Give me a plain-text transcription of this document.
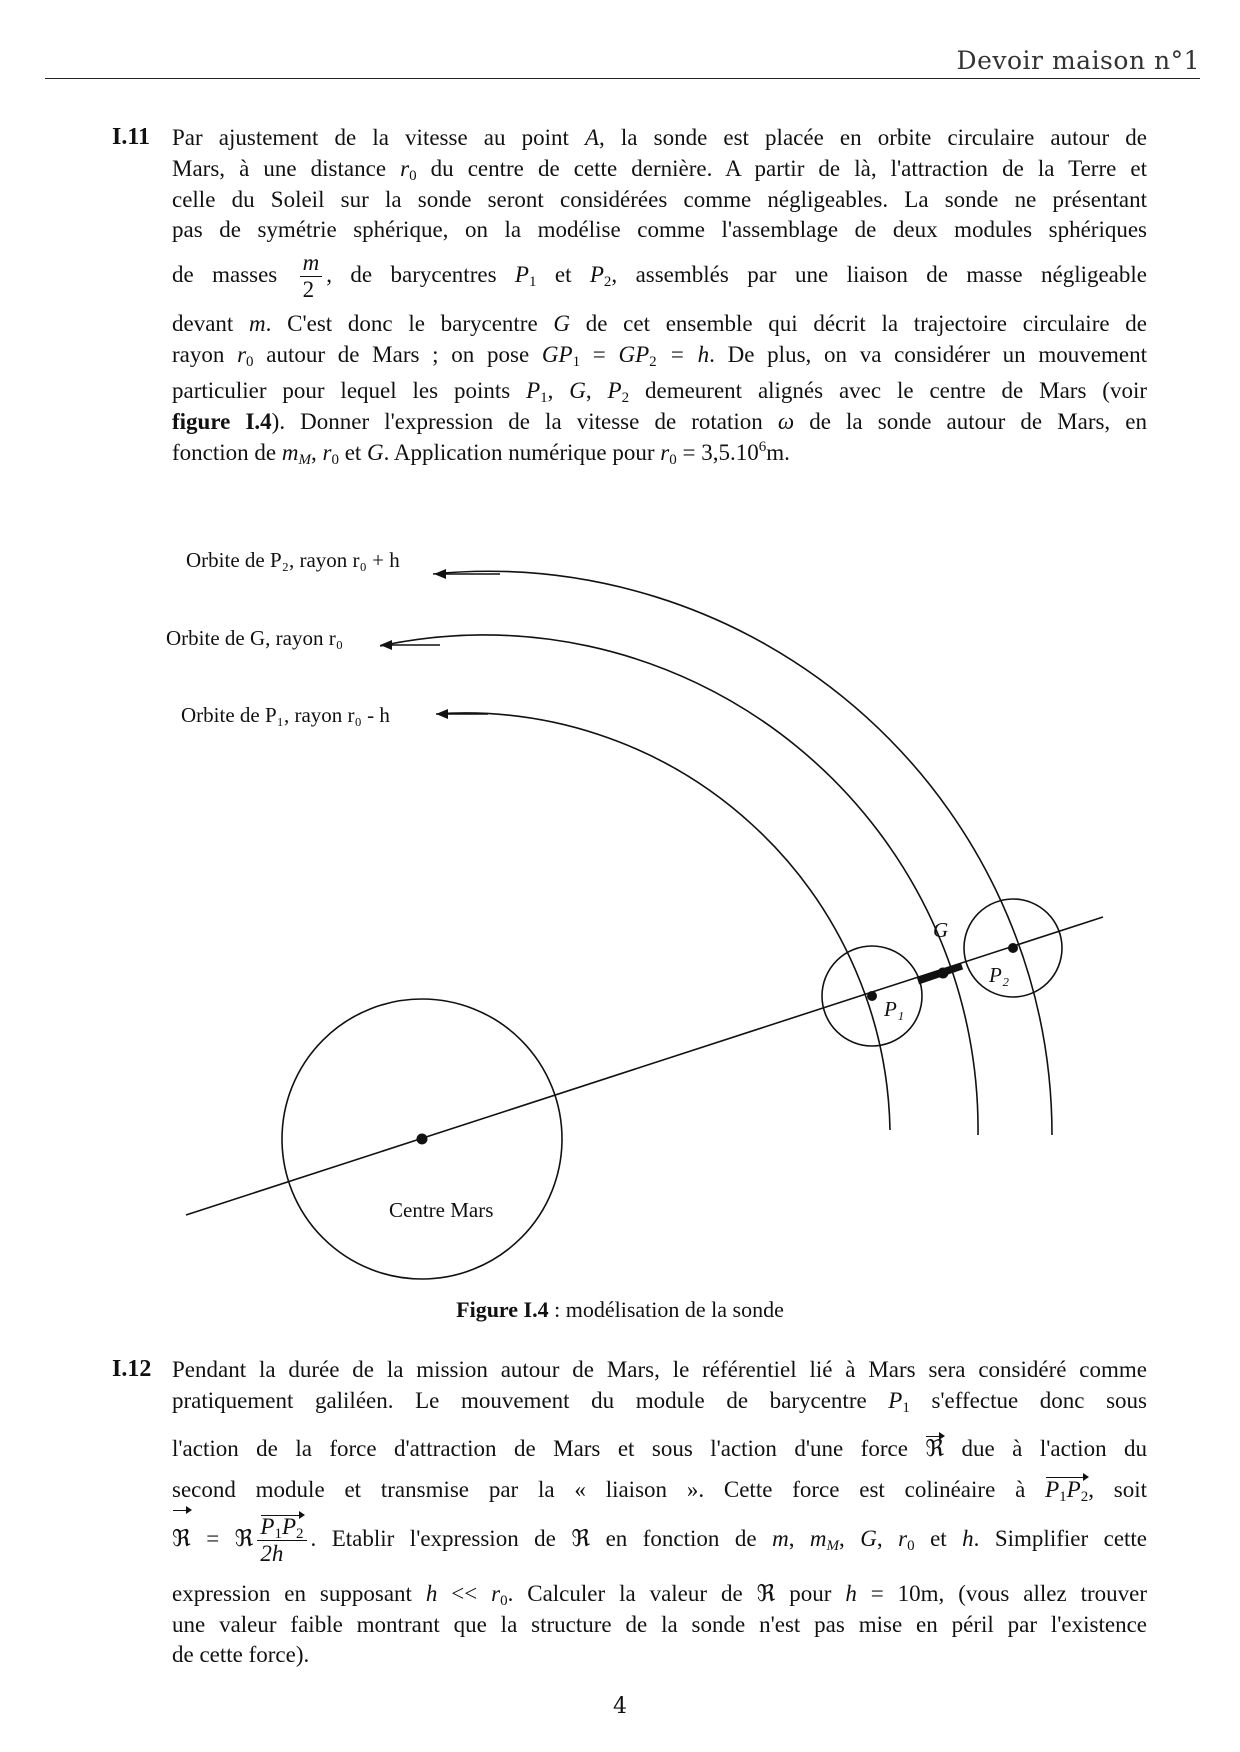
Devoir maison n°1
I.11 Par ajustement de la vitesse au point A, la sonde est placée en orbite circulaire autour de
Mars, à une distance $r_0$ du centre de cette dernière. A partir de là, l'attraction de la Terre et
celle du Soleil sur la sonde seront considérées comme négligeables. La sonde ne présentant
pas de symétrie sphérique, on la modélise comme l'assemblage de deux modules sphériques
de masses $\frac{m}{2}$ , de barycentres $P_1$ et $P_2$, assemblés par une liaison de masse négligeable
devant m. C'est donc le barycentre G de cet ensemble qui décrit la trajectoire circulaire de
rayon $r_0$ autour de Mars ; on pose $GP_1 = GP_2 = h$. De plus, on va considérer un mouvement
particulier pour lequel les points $P_1$, G, $P_2$ demeurent alignés avec le centre de Mars (voir
figure I.4). Donner l'expression de la vitesse de rotation ω de la sonde autour de Mars, en
fonction de $m_M$, $r_0$ et G. Application numérique pour $r_0 = 3,5.10^6m$.
Orbite de P₂, rayon r₀ + h
Orbite de G, rayon r₀
Orbite de P₁, rayon r₀ - h
G
P₁
P₂
Centre Mars
Figure I.4 : modélisation de la sonde
I.12 Pendant la durée de la mission autour de Mars, le référentiel lié à Mars sera considéré comme
pratiquement galiléen. Le mouvement du module de barycentre $P_1$ s'effectue donc sous
l'action de la force d'attraction de Mars et sous l'action d'une force ℜ due à l'action du
second module et transmise par la « liaison ». Cette force est colinéaire à $P_1P_2$, soit
ℜ = ℜ $\frac{P_1P_2}{2h}$ . Etablir l'expression de ℜ en fonction de m, $m_M$, G, $r_0$ et h. Simplifier cette
expression en supposant $h << r_0$. Calculer la valeur de ℜ pour h = 10m, (vous allez trouver
une valeur faible montrant que la structure de la sonde n'est pas mise en péril par l'existence
de cette force).
4
